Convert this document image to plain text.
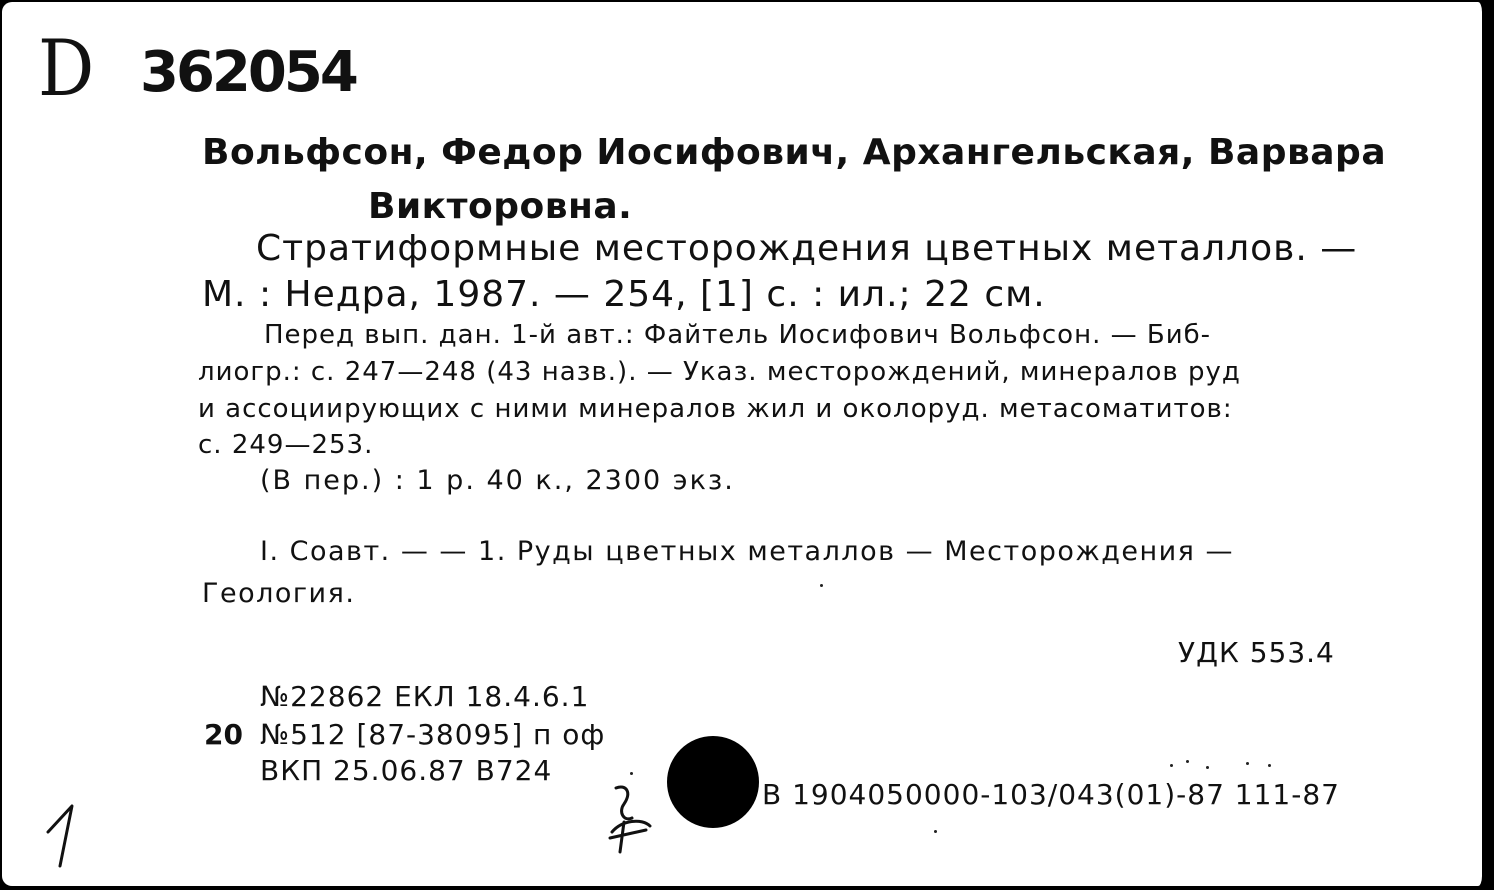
D 362054
Вольфсон, Федор Иосифович, Архангельская, Варвара
Викторовна.
Стратиформные месторождения цветных металлов. —
М. : Недра, 1987. — 254, [1] с. : ил.; 22 см.
Перед вып. дан. 1-й авт.: Файтель Иосифович Вольфсон. — Биб-
лиогр.: с. 247—248 (43 назв.). — Указ. месторождений, минералов руд
и ассоциирующих с ними минералов жил и околоруд. метасоматитов:
с. 249—253.
(В пер.) : 1 р. 40 к., 2300 экз.
I. Соавт. — — 1. Руды цветных металлов — Месторождения —
Геология.
УДК 553.4
№22862 ЕКЛ 18.4.6.1
20 №512 [87-38095] п оф
ВКП 25.06.87 В724
В 1904050000-103/043(01)-87 111-87
